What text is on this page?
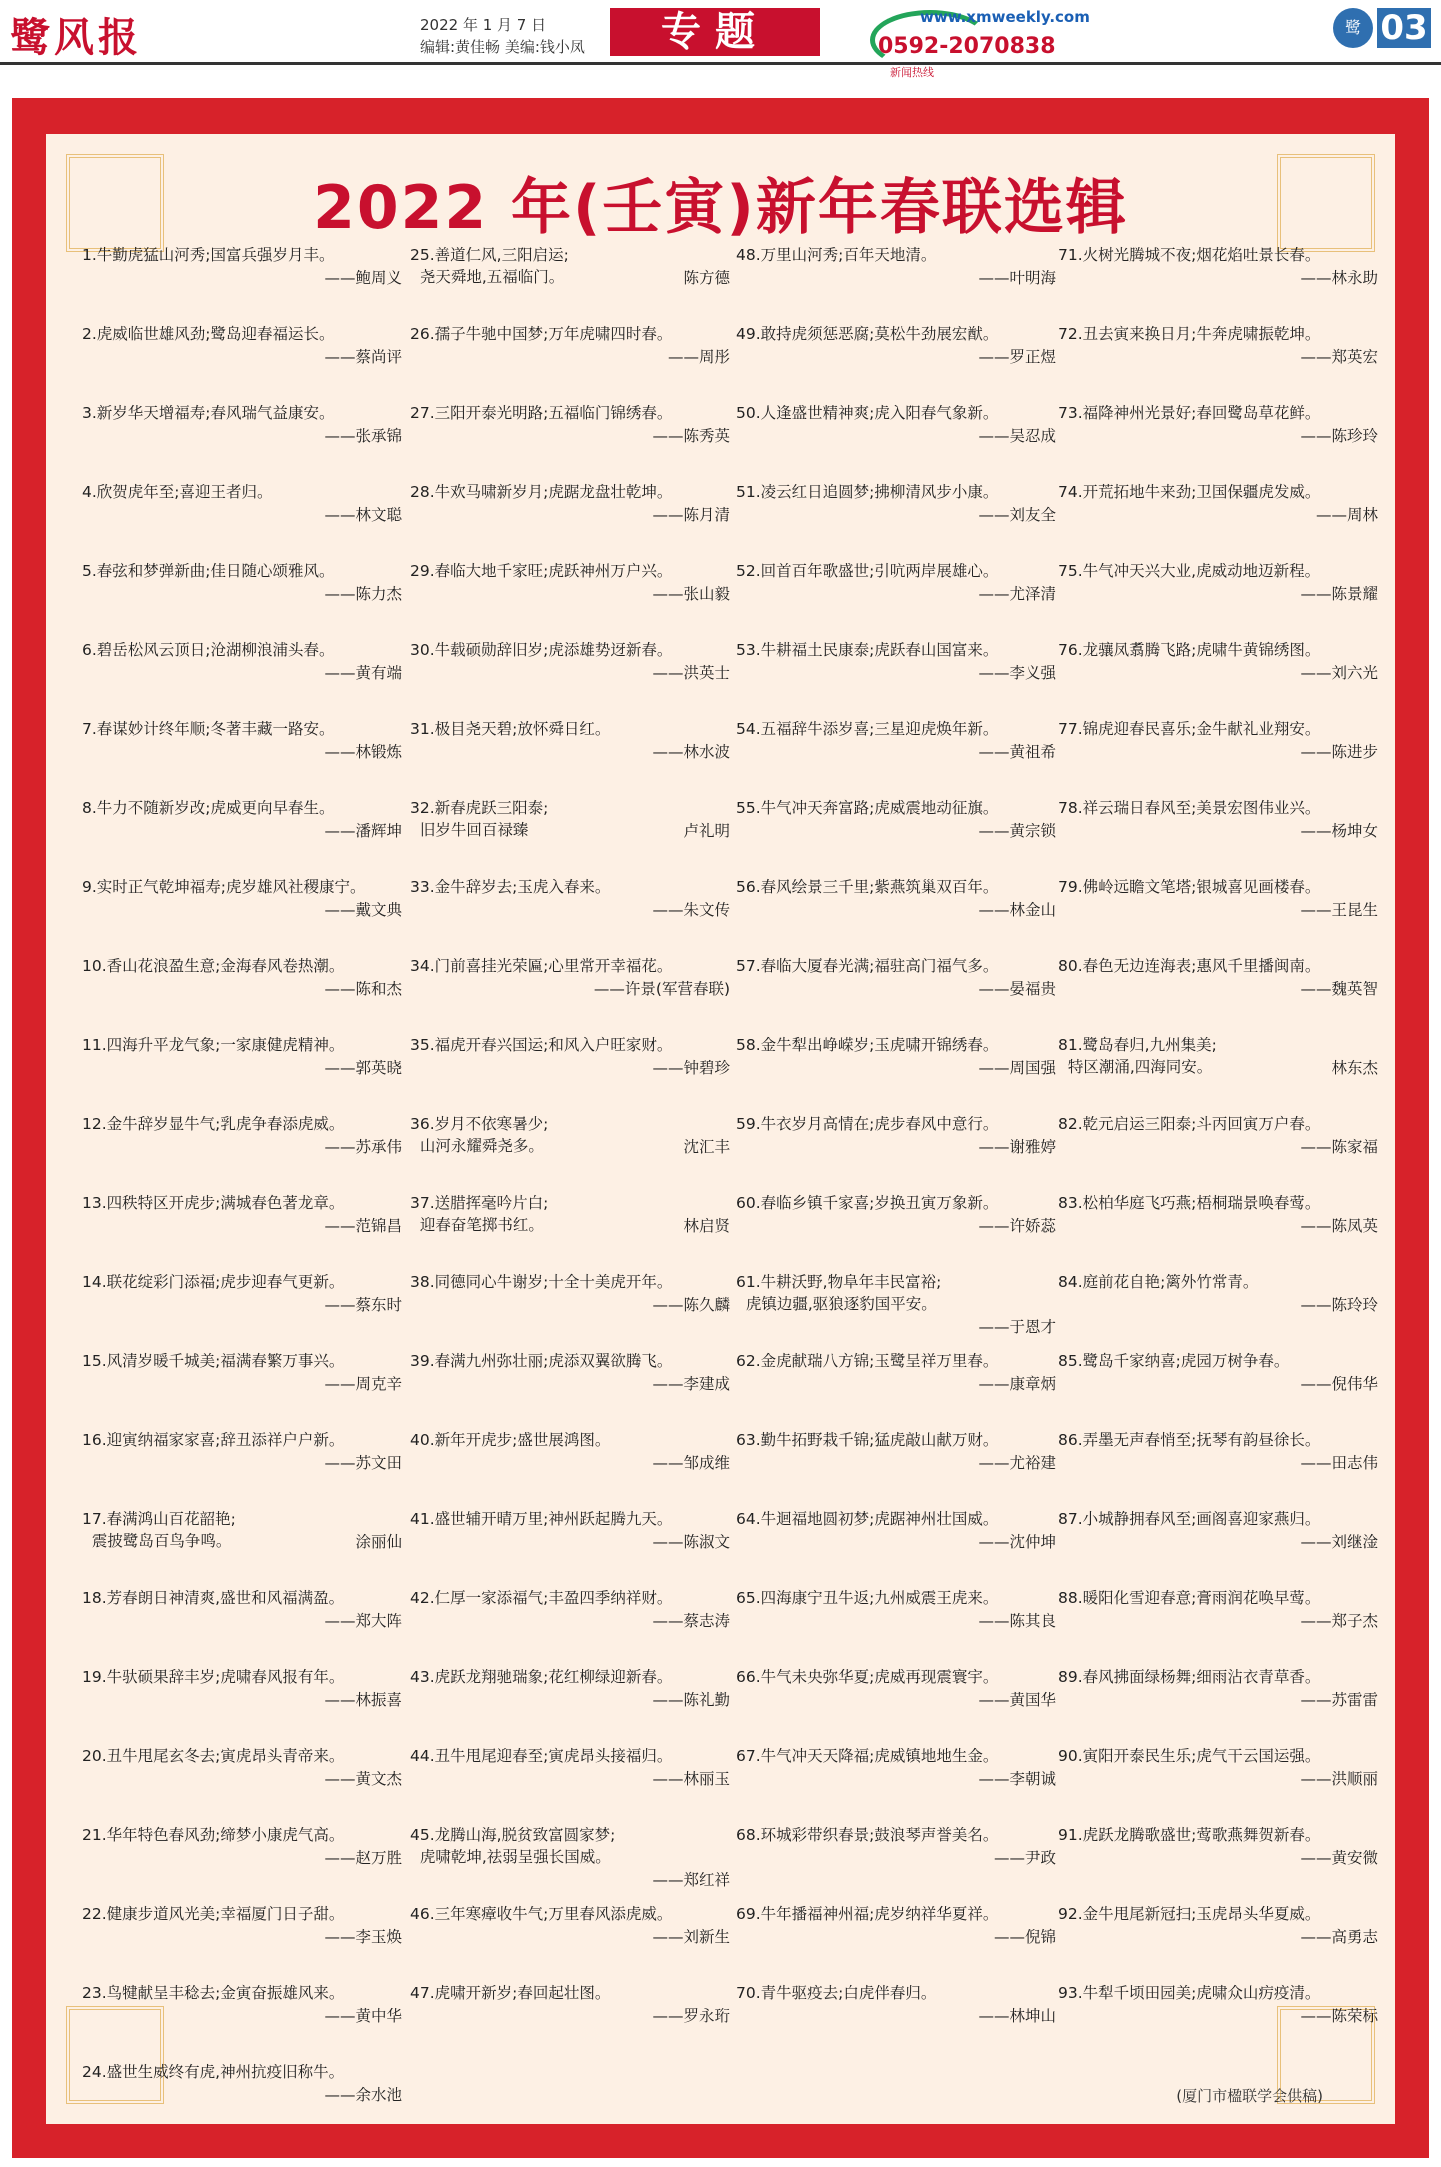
鹭风报	2022 年 1 月 7 日
编辑:黄佳畅 美编:钱小凤	专题	www.xmweekly.com
0592-2070838
新闻热线
鹭 03
(厦门市楹联学会供稿)
2022 年(壬寅)新年春联选辑
1.牛勤虎猛山河秀;国富兵强岁月丰。
——鲍周义
2.虎威临世雄风劲;鹭岛迎春福运长。
——蔡尚评
3.新岁华天增福寿;春风瑞气益康安。
——张承锦
4.欣贺虎年至;喜迎王者归。
——林文聪
5.春弦和梦弹新曲;佳日随心颂雅风。
——陈力杰
6.碧岳松风云顶日;沧湖柳浪浦头春。
——黄有端
7.春谋妙计终年顺;冬著丰藏一路安。
——林锻炼
8.牛力不随新岁改;虎威更向早春生。
——潘辉坤
9.实时正气乾坤福寿;虎岁雄风社稷康宁。
——戴文典
10.香山花浪盈生意;金海春风卷热潮。
——陈和杰
11.四海升平龙气象;一家康健虎精神。
——郭英晓
12.金牛辞岁显牛气;乳虎争春添虎威。
——苏承伟
13.四秩特区开虎步;满城春色著龙章。
——范锦昌
14.联花绽彩门添福;虎步迎春气更新。
——蔡东时
15.风清岁暖千城美;福满春繁万事兴。
——周克辛
16.迎寅纳福家家喜;辞丑添祥户户新。
——苏文田
17.春满鸿山百花韶艳;
震披鹭岛百鸟争鸣。	涂丽仙
18.芳春朗日神清爽,盛世和风福满盈。
——郑大阵
19.牛驮硕果辞丰岁;虎啸春风报有年。
——林振喜
20.丑牛甩尾玄冬去;寅虎昂头青帝来。
——黄文杰
21.华年特色春风劲;缔梦小康虎气高。
——赵万胜
22.健康步道风光美;幸福厦门日子甜。
——李玉焕
23.鸟犍献呈丰稔去;金寅奋振雄风来。
——黄中华
24.盛世生威终有虎,神州抗疫旧称牛。
——余水池
25.善道仁风,三阳启运;
尧天舜地,五福临门。	陈方德
26.孺子牛驰中国梦;万年虎啸四时春。
——周彤
27.三阳开泰光明路;五福临门锦绣春。
——陈秀英
28.牛欢马啸新岁月;虎踞龙盘壮乾坤。
——陈月清
29.春临大地千家旺;虎跃神州万户兴。
——张山毅
30.牛载硕勋辞旧岁;虎添雄势迓新春。
——洪英士
31.极目尧天碧;放怀舜日红。
——林水波
32.新春虎跃三阳泰;
旧岁牛回百禄臻	卢礼明
33.金牛辞岁去;玉虎入春来。
——朱文传
34.门前喜挂光荣匾;心里常开幸福花。
——许景(军营春联)
35.福虎开春兴国运;和风入户旺家财。
——钟碧珍
36.岁月不依寒暑少;
山河永耀舜尧多。	沈汇丰
37.送腊挥毫吟片白;
迎春奋笔掷书红。	林启贤
38.同德同心牛谢岁;十全十美虎开年。
——陈久麟
39.春满九州弥壮丽;虎添双翼欲腾飞。
——李建成
40.新年开虎步;盛世展鸿图。
——邹成维
41.盛世辅开晴万里;神州跃起腾九天。
——陈淑文
42.仁厚一家添福气;丰盈四季纳祥财。
——蔡志涛
43.虎跃龙翔驰瑞象;花红柳绿迎新春。
——陈礼勤
44.丑牛甩尾迎春至;寅虎昂头接福归。
——林丽玉
45.龙腾山海,脱贫致富圆家梦;
虎啸乾坤,祛弱呈强长国威。
——郑红祥
46.三年寒瘴收牛气;万里春风添虎威。
——刘新生
47.虎啸开新岁;春回起壮图。
——罗永珩
48.万里山河秀;百年天地清。
——叶明海
49.敢持虎须惩恶腐;莫松牛劲展宏猷。
——罗正煜
50.人逢盛世精神爽;虎入阳春气象新。
——吴忍成
51.凌云红日追圆梦;拂柳清风步小康。
——刘友全
52.回首百年歌盛世;引吭两岸展雄心。
——尤泽清
53.牛耕福土民康泰;虎跃春山国富来。
——李义强
54.五福辞牛添岁喜;三星迎虎焕年新。
——黄祖希
55.牛气冲天奔富路;虎威震地动征旗。
——黄宗锁
56.春风绘景三千里;紫燕筑巢双百年。
——林金山
57.春临大厦春光满;福驻高门福气多。
——晏福贵
58.金牛犁出峥嵘岁;玉虎啸开锦绣春。
——周国强
59.牛衣岁月高情在;虎步春风中意行。
——谢雅婷
60.春临乡镇千家喜;岁换丑寅万象新。
——许娇蕊
61.牛耕沃野,物阜年丰民富裕;
虎镇边疆,驱狼逐豹国平安。
——于恩才
62.金虎献瑞八方锦;玉鹭呈祥万里春。
——康章炳
63.勤牛拓野栽千锦;猛虎敲山献万财。
——尤裕建
64.牛迴福地圆初梦;虎踞神州壮国威。
——沈仲坤
65.四海康宁丑牛返;九州威震王虎来。
——陈其良
66.牛气未央弥华夏;虎威再现震寰宇。
——黄国华
67.牛气冲天天降福;虎威镇地地生金。
——李朝诚
68.环城彩带织春景;鼓浪琴声誉美名。
——尹政
69.牛年播福神州福;虎岁纳祥华夏祥。
——倪锦
70.青牛驱疫去;白虎伴春归。
——林坤山
71.火树光腾城不夜;烟花焰吐景长春。
——林永助
72.丑去寅来换日月;牛奔虎啸振乾坤。
——郑英宏
73.福降神州光景好;春回鹭岛草花鲜。
——陈珍玲
74.开荒拓地牛来劲;卫国保疆虎发威。
——周林
75.牛气冲天兴大业,虎威动地迈新程。
——陈景耀
76.龙骧凤翥腾飞路;虎啸牛黄锦绣图。
——刘六光
77.锦虎迎春民喜乐;金牛献礼业翔安。
——陈进步
78.祥云瑞日春风至;美景宏图伟业兴。
——杨坤女
79.佛岭远瞻文笔塔;银城喜见画楼春。
——王昆生
80.春色无边连海表;惠风千里播闽南。
——魏英智
81.鹭岛春归,九州集美;
特区潮涌,四海同安。	林东杰
82.乾元启运三阳泰;斗丙回寅万户春。
——陈家福
83.松柏华庭飞巧燕;梧桐瑞景唤春莺。
——陈凤英
84.庭前花自艳;篱外竹常青。
——陈玲玲
85.鹭岛千家纳喜;虎园万树争春。
——倪伟华
86.弄墨无声春悄至;抚琴有韵昼徐长。
——田志伟
87.小城静拥春风至;画阁喜迎家燕归。
——刘继淦
88.暖阳化雪迎春意;膏雨润花唤早莺。
——郑子杰
89.春风拂面绿杨舞;细雨沾衣青草香。
——苏雷雷
90.寅阳开泰民生乐;虎气干云国运强。
——洪顺丽
91.虎跃龙腾歌盛世;莺歌燕舞贺新春。
——黄安微
92.金牛甩尾新冠扫;玉虎昂头华夏威。
——高勇志
93.牛犁千顷田园美;虎啸众山疠疫清。
——陈荣标
